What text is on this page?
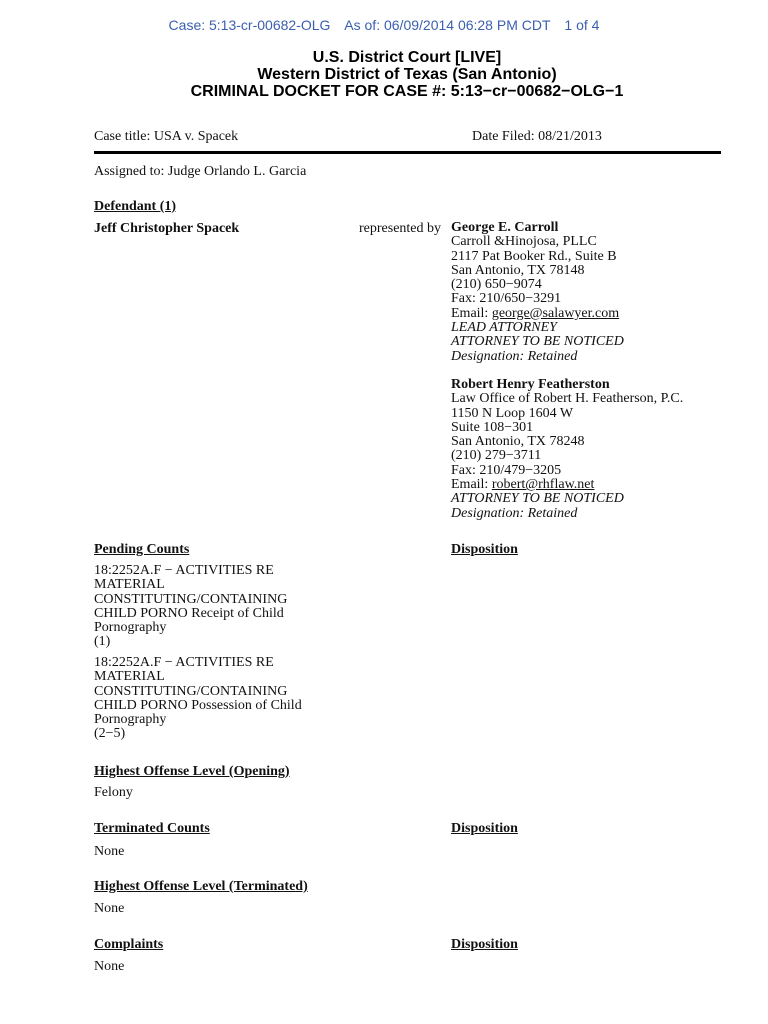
Case: 5:13-cr-00682-OLG As of: 06/09/2014 06:28 PM CDT 1 of 4
U.S. District Court [LIVE]
Western District of Texas (San Antonio)
CRIMINAL DOCKET FOR CASE #: 5:13−cr−00682−OLG−1
Case title: USA v. Spacek	Date Filed: 08/21/2013
Assigned to: Judge Orlando L. Garcia
Defendant (1)
Jeff Christopher Spacek	represented by George E. Carroll
Carroll &Hinojosa, PLLC
2117 Pat Booker Rd., Suite B
San Antonio, TX 78148
(210) 650−9074
Fax: 210/650−3291
Email: george@salawyer.com
LEAD ATTORNEY
ATTORNEY TO BE NOTICED
Designation: Retained
Robert Henry Featherston
Law Office of Robert H. Featherson, P.C.
1150 N Loop 1604 W
Suite 108−301
San Antonio, TX 78248
(210) 279−3711
Fax: 210/479−3205
Email: robert@rhflaw.net
ATTORNEY TO BE NOTICED
Designation: Retained
Pending Counts	Disposition
18:2252A.F − ACTIVITIES RE
MATERIAL
CONSTITUTING/CONTAINING
CHILD PORNO Receipt of Child
Pornography
(1)
18:2252A.F − ACTIVITIES RE
MATERIAL
CONSTITUTING/CONTAINING
CHILD PORNO Possession of Child
Pornography
(2−5)
Highest Offense Level (Opening)
Felony
Terminated Counts	Disposition
None
Highest Offense Level (Terminated)
None
Complaints	Disposition
None
